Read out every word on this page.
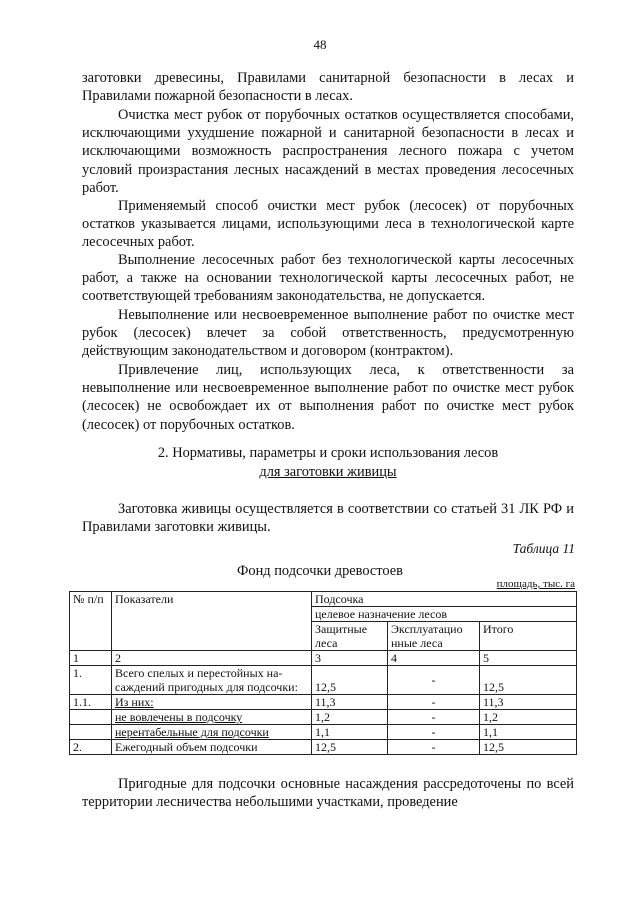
48

заготовки древесины, Правилами санитарной безопасности в лесах и Правилами пожарной безопасности в лесах.

Очистка мест рубок от порубочных остатков осуществляется способами, исключающими ухудшение пожарной и санитарной безопасности в лесах и исключающими возможность распространения лесного пожара с учетом условий произрастания лесных насаждений в местах проведения лесосечных работ.

Применяемый способ очистки мест рубок (лесосек) от порубочных остатков указывается лицами, использующими леса в технологической карте лесосечных работ.

Выполнение лесосечных работ без технологической карты лесосечных работ, а также на основании технологической карты лесосечных работ, не соответствующей требованиям законодательства, не допускается.

Невыполнение или несвоевременное выполнение работ по очистке мест рубок (лесосек) влечет за собой ответственность, предусмотренную действующим законодательством и договором (контрактом).

Привлечение лиц, использующих леса, к ответственности за невыполнение или несвоевременное выполнение работ по очистке мест рубок (лесосек) не освобождает их от выполнения работ по очистке мест рубок (лесосек) от порубочных остатков.

2. Нормативы, параметры и сроки использования лесов
для заготовки живицы

Заготовка живицы осуществляется в соответствии со статьей 31 ЛК РФ и Правилами заготовки живицы.

Таблица 11
Фонд подсочки древостоев
площадь, тыс. га
№ п/п	Показатели	Подсочка		
		целевое назначение лесов		
		Защитные леса	Эксплуатацио нные леса	Итого
1	2	3	4	5
1.	Всего спелых и перестойных на- саждений пригодных для подсочки:	12,5	-	12,5
1.1.	Из них:	11,3	-	11,3
	не вовлечены в подсочку	1,2	-	1,2
	нерентабельные для подсочки	1,1	-	1,1
2.	Ежегодный объем подсочки	12,5	-	12,5

Пригодные для подсочки основные насаждения рассредоточены по всей территории лесничества небольшими участками, проведение
